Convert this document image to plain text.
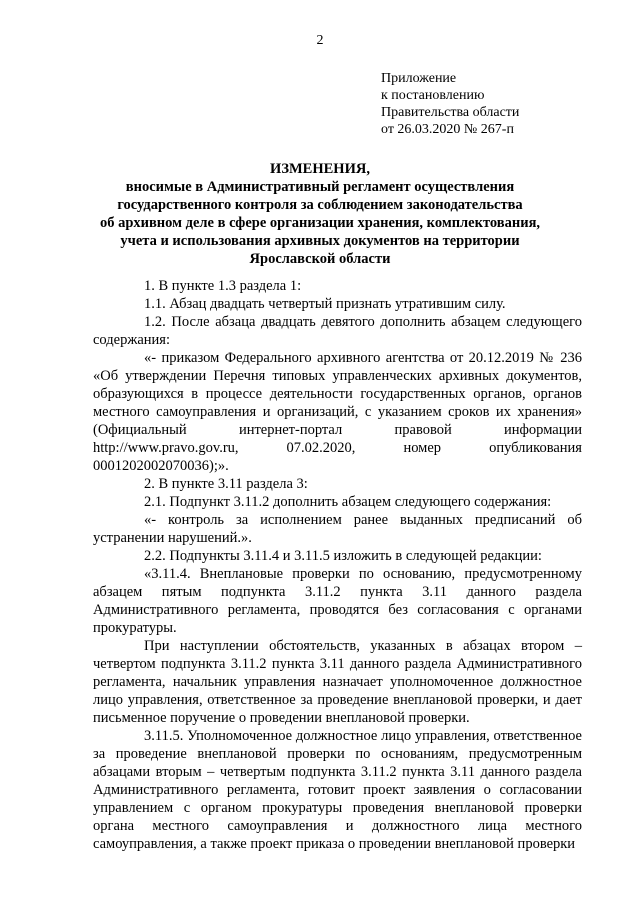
2
Приложение
к постановлению
Правительства области
от 26.03.2020 № 267-п
ИЗМЕНЕНИЯ,
вносимые в Административный регламент осуществления
государственного контроля за соблюдением законодательства
об архивном деле в сфере организации хранения, комплектования,
учета и использования архивных документов на территории
Ярославской области

1. В пункте 1.3 раздела 1:

1.1. Абзац двадцать четвертый признать утратившим силу.

1.2. После абзаца двадцать девятого дополнить абзацем следующего содержания:

«- приказом Федерального архивного агентства от 20.12.2019 № 236
«Об утверждении Перечня типовых управленческих архивных документов,
образующихся в процессе деятельности государственных органов, органов
местного самоуправления и организаций, с указанием сроков их хранения»
(Официальный интернет-портал правовой информации
http://www.pravo.gov.ru,	07.02.2020,	номер	опубликования
0001202002070036);».

2. В пункте 3.11 раздела 3:

2.1. Подпункт 3.11.2 дополнить абзацем следующего содержания:

«- контроль за исполнением ранее выданных предписаний об устранении нарушений.».

2.2. Подпункты 3.11.4 и 3.11.5 изложить в следующей редакции:

«3.11.4. Внеплановые проверки по основанию, предусмотренному абзацем пятым подпункта 3.11.2 пункта 3.11 данного раздела Административного регламента, проводятся без согласования с органами прокуратуры.

При наступлении обстоятельств, указанных в абзацах втором – четвертом подпункта 3.11.2 пункта 3.11 данного раздела Административного регламента, начальник управления назначает уполномоченное должностное лицо управления, ответственное за проведение внеплановой проверки, и дает письменное поручение о проведении внеплановой проверки.

3.11.5. Уполномоченное должностное лицо управления, ответственное за проведение внеплановой проверки по основаниям, предусмотренным абзацами вторым – четвертым подпункта 3.11.2 пункта 3.11 данного раздела Административного регламента, готовит проект заявления о согласовании управлением с органом прокуратуры проведения внеплановой проверки органа местного самоуправления и должностного лица местного самоуправления, а также проект приказа о проведении внеплановой проверки
